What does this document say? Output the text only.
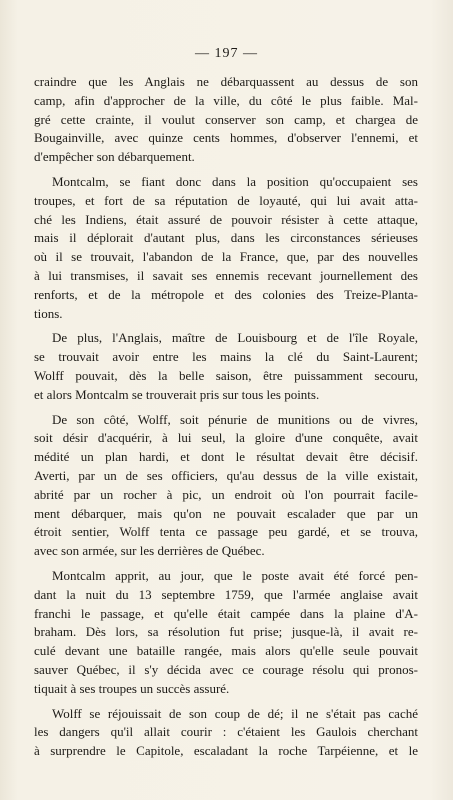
— 197 —

craindre que les Anglais ne débarquassent au dessus de son
camp, afin d'approcher de la ville, du côté le plus faible. Mal-
gré cette crainte, il voulut conserver son camp, et chargea de
Bougainville, avec quinze cents hommes, d'observer l'ennemi, et
d'empêcher son débarquement.

Montcalm, se fiant donc dans la position qu'occupaient ses
troupes, et fort de sa réputation de loyauté, qui lui avait atta-
ché les Indiens, était assuré de pouvoir résister à cette attaque,
mais il déplorait d'autant plus, dans les circonstances sérieuses
où il se trouvait, l'abandon de la France, que, par des nouvelles
à lui transmises, il savait ses ennemis recevant journellement des
renforts, et de la métropole et des colonies des Treize-Planta-
tions.

De plus, l'Anglais, maître de Louisbourg et de l'île Royale,
se trouvait avoir entre les mains la clé du Saint-Laurent;
Wolff pouvait, dès la belle saison, être puissamment secouru,
et alors Montcalm se trouverait pris sur tous les points.

De son côté, Wolff, soit pénurie de munitions ou de vivres,
soit désir d'acquérir, à lui seul, la gloire d'une conquête, avait
médité un plan hardi, et dont le résultat devait être décisif.
Averti, par un de ses officiers, qu'au dessus de la ville existait,
abrité par un rocher à pic, un endroit où l'on pourrait facile-
ment débarquer, mais qu'on ne pouvait escalader que par un
étroit sentier, Wolff tenta ce passage peu gardé, et se trouva,
avec son armée, sur les derrières de Québec.

Montcalm apprit, au jour, que le poste avait été forcé pen-
dant la nuit du 13 septembre 1759, que l'armée anglaise avait
franchi le passage, et qu'elle était campée dans la plaine d'A-
braham. Dès lors, sa résolution fut prise; jusque-là, il avait re-
culé devant une bataille rangée, mais alors qu'elle seule pouvait
sauver Québec, il s'y décida avec ce courage résolu qui pronos-
tiquait à ses troupes un succès assuré.

Wolff se réjouissait de son coup de dé; il ne s'était pas caché
les dangers qu'il allait courir : c'étaient les Gaulois cherchant
à surprendre le Capitole, escaladant la roche Tarpéienne, et le
